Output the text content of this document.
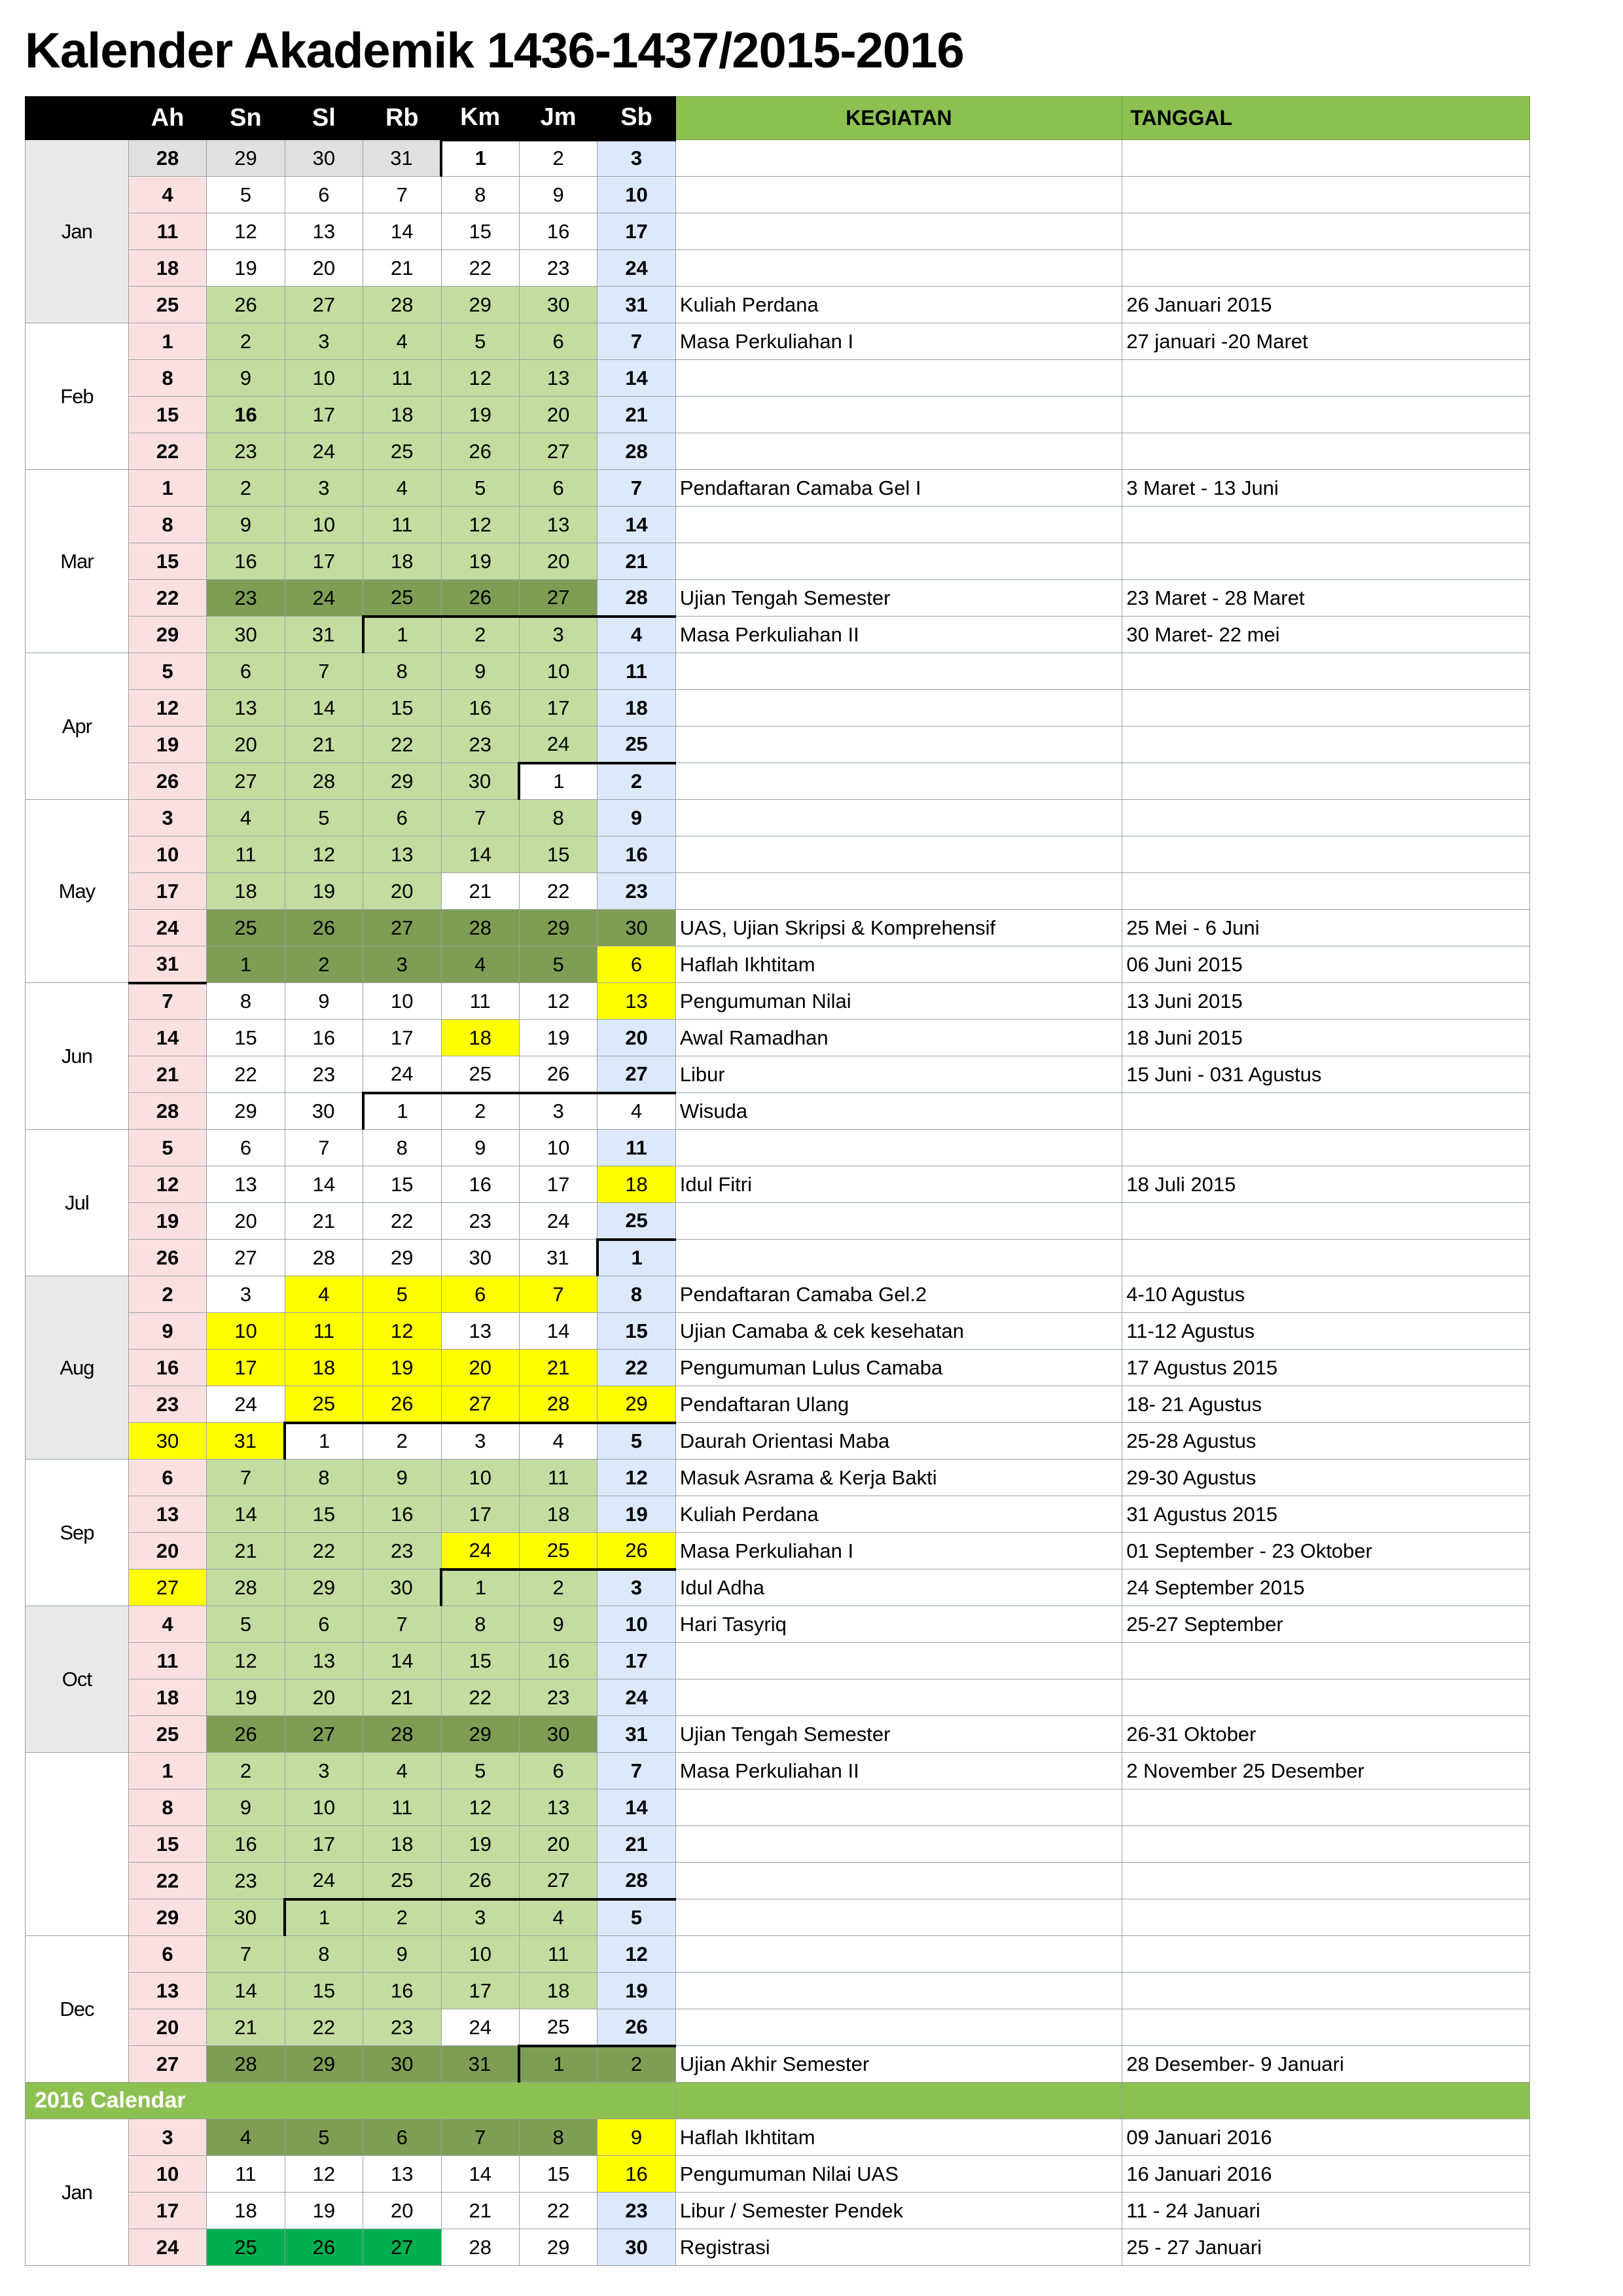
Kalender Akademik 1436-1437/2015-2016
	Ah	Sn	Sl	Rb	Km	Jm	Sb	KEGIATAN	TANGGAL
Jan	28	29	30	31	1	2	3		
	4	5	6	7	8	9	10		
	11	12	13	14	15	16	17		
	18	19	20	21	22	23	24		
	25	26	27	28	29	30	31	Kuliah Perdana	26 Januari 2015
Feb	1	2	3	4	5	6	7	Masa Perkuliahan I	27 januari -20 Maret
	8	9	10	11	12	13	14		
	15	16	17	18	19	20	21		
	22	23	24	25	26	27	28		
Mar	1	2	3	4	5	6	7	Pendaftaran Camaba Gel I	3 Maret - 13 Juni
	8	9	10	11	12	13	14		
	15	16	17	18	19	20	21		
	22	23	24	25	26	27	28	Ujian Tengah Semester	23 Maret - 28 Maret
	29	30	31	1	2	3	4	Masa Perkuliahan II	30 Maret- 22 mei
Apr	5	6	7	8	9	10	11		
	12	13	14	15	16	17	18		
	19	20	21	22	23	24	25		
	26	27	28	29	30	1	2		
May	3	4	5	6	7	8	9		
	10	11	12	13	14	15	16		
	17	18	19	20	21	22	23		
	24	25	26	27	28	29	30	UAS, Ujian Skripsi & Komprehensif	25 Mei - 6 Juni
	31	1	2	3	4	5	6	Haflah Ikhtitam	06 Juni 2015
Jun	7	8	9	10	11	12	13	Pengumuman Nilai	13 Juni 2015
	14	15	16	17	18	19	20	Awal Ramadhan	18 Juni 2015
	21	22	23	24	25	26	27	Libur	15 Juni - 031 Agustus
	28	29	30	1	2	3	4	Wisuda	
Jul	5	6	7	8	9	10	11		
	12	13	14	15	16	17	18	Idul Fitri	18 Juli 2015
	19	20	21	22	23	24	25		
	26	27	28	29	30	31	1		
Aug	2	3	4	5	6	7	8	Pendaftaran Camaba Gel.2	4-10 Agustus
	9	10	11	12	13	14	15	Ujian Camaba & cek kesehatan	11-12 Agustus
	16	17	18	19	20	21	22	Pengumuman Lulus Camaba	17 Agustus 2015
	23	24	25	26	27	28	29	Pendaftaran Ulang	18- 21 Agustus
	30	31	1	2	3	4	5	Daurah Orientasi Maba	25-28 Agustus
Sep	6	7	8	9	10	11	12	Masuk Asrama & Kerja Bakti	29-30 Agustus
	13	14	15	16	17	18	19	Kuliah Perdana	31 Agustus 2015
	20	21	22	23	24	25	26	Masa Perkuliahan I	01 September - 23 Oktober
	27	28	29	30	1	2	3	Idul Adha	24 September 2015
Oct	4	5	6	7	8	9	10	Hari Tasyriq	25-27 September
	11	12	13	14	15	16	17		
	18	19	20	21	22	23	24		
	25	26	27	28	29	30	31	Ujian Tengah Semester	26-31 Oktober
	1	2	3	4	5	6	7	Masa Perkuliahan II	2 November 25 Desember
	8	9	10	11	12	13	14		
	15	16	17	18	19	20	21		
	22	23	24	25	26	27	28		
	29	30	1	2	3	4	5		
Dec	6	7	8	9	10	11	12		
	13	14	15	16	17	18	19		
	20	21	22	23	24	25	26		
	27	28	29	30	31	1	2	Ujian Akhir Semester	28 Desember- 9 Januari
2016 Calendar									
Jan	3	4	5	6	7	8	9	Haflah Ikhtitam	09 Januari 2016
	10	11	12	13	14	15	16	Pengumuman Nilai UAS	16 Januari 2016
	17	18	19	20	21	22	23	Libur / Semester Pendek	11 - 24 Januari
	24	25	26	27	28	29	30	Registrasi	25 - 27 Januari
